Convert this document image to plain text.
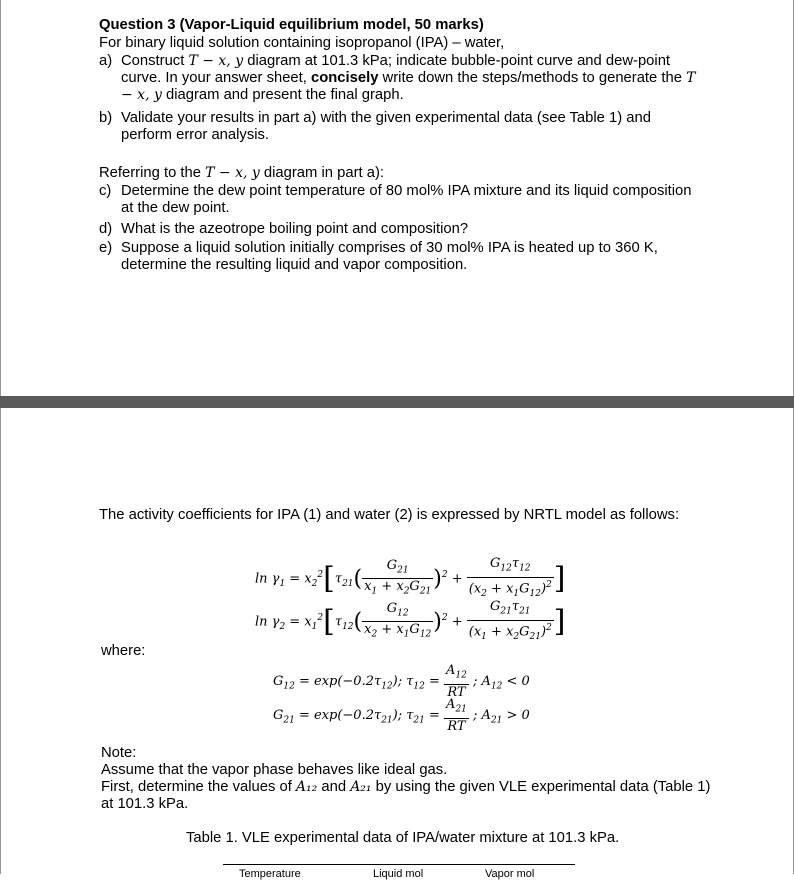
Question 3 (Vapor-Liquid equilibrium model, 50 marks)
For binary liquid solution containing isopropanol (IPA) – water,
a) Construct T − x, y diagram at 101.3 kPa; indicate bubble-point curve and dew-point curve. In your answer sheet, concisely write down the steps/methods to generate the T − x, y diagram and present the final graph.
b) Validate your results in part a) with the given experimental data (see Table 1) and perform error analysis.
Referring to the T − x, y diagram in part a):
c) Determine the dew point temperature of 80 mol% IPA mixture and its liquid composition at the dew point.
d) What is the azeotrope boiling point and composition?
e) Suppose a liquid solution initially comprises of 30 mol% IPA is heated up to 360 K, determine the resulting liquid and vapor composition.
The activity coefficients for IPA (1) and water (2) is expressed by NRTL model as follows:
$\ln \gamma_1 = x_2^2[\tau_{21}( \frac{G_{21}}{x_1 + x_2G_{21}} )^2 + \frac{G_{12}\tau_{12}}{(x_2 + x_1G_{12})^2}$ ]
$\ln \gamma_2 = x_1^2[\tau_{12}( \frac{G_{12}}{x_2 + x_1G_{12}} )^2 + \frac{G_{21}\tau_{21}}{(x_1 + x_2G_{21})^2}$ ]
where:
$G_{12} = \exp(-0.2\tau_{12})$; $\tau_{12} = \frac{A_{12}}{RT}$ ; $A_{12} < 0$
$G_{21} = \exp(-0.2\tau_{21})$; $\tau_{21} = \frac{A_{21}}{RT}$ ; $A_{21} > 0$
Note:
Assume that the vapor phase behaves like ideal gas.
First, determine the values of A₁₂ and A₂₁ by using the given VLE experimental data (Table 1) at 101.3 kPa.
Table 1. VLE experimental data of IPA/water mixture at 101.3 kPa.
Temperature	Liquid mol	Vapor mol
